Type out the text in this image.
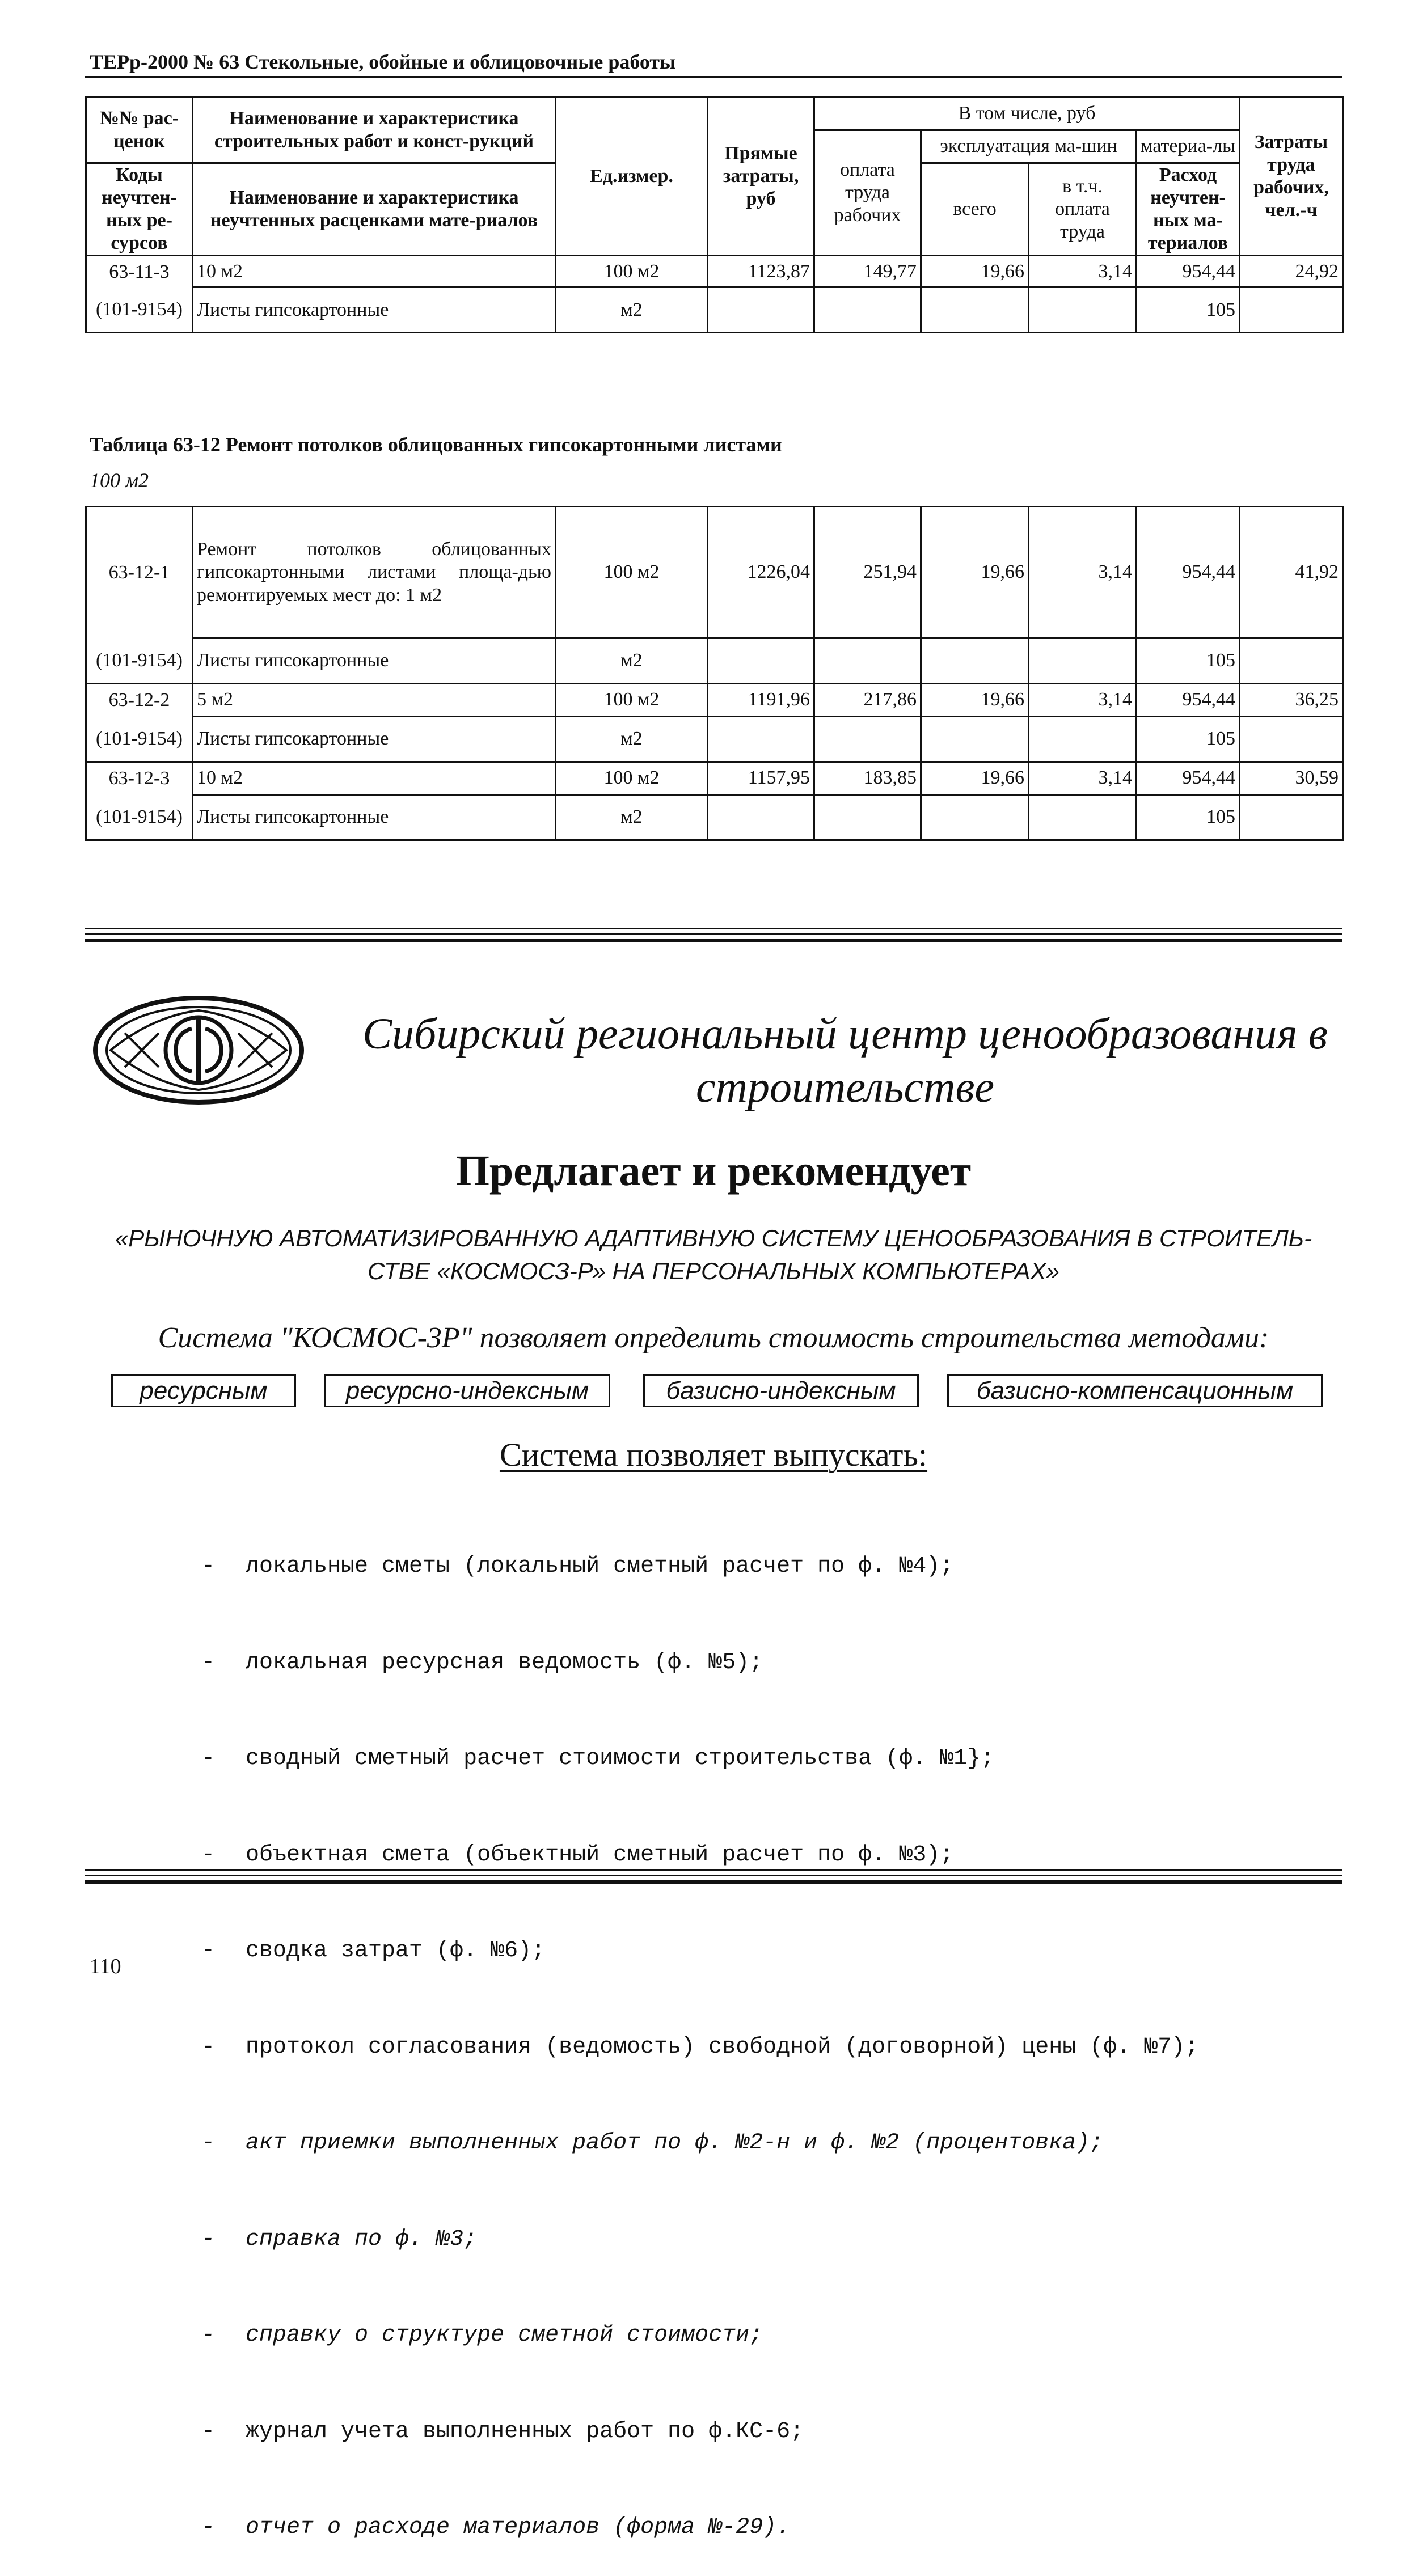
ТЕРр-2000 № 63 Стекольные, обойные и облицовочные работы
№№ рас-ценок	Наименование и характеристика строительных работ и конст-рукций	Ед.измер.	Прямые затраты, руб	В том числе, руб				Затраты труда рабочих, чел.-ч
				оплата труда рабочих	эксплуатация ма-шин		материа-лы	
					всего	в т.ч. оплата труда		
Коды неучтен-ных ре-сурсов	Наименование и характеристика неучтенных расценками мате-риалов						Расход неучтен-ных ма-териалов	

63-11-3	10 м2	100 м2	1123,87	149,77	19,66	3,14	954,44	24,92
(101-9154)	Листы гипсокартонные	м2					105	
Таблица 63-12 Ремонт потолков облицованных гипсокартонными листами
100 м2
63-12-1	Ремонт потолков облицованных гипсокартонными листами площа-дью ремонтируемых мест до: 1 м2	100 м2	1226,04	251,94	19,66	3,14	954,44	41,92
(101-9154)	Листы гипсокартонные	м2					105	
63-12-2	5 м2	100 м2	1191,96	217,86	19,66	3,14	954,44	36,25
(101-9154)	Листы гипсокартонные	м2					105	
63-12-3	10 м2	100 м2	1157,95	183,85	19,66	3,14	954,44	30,59
(101-9154)	Листы гипсокартонные	м2					105	
Сибирский региональный центр ценообразования в
строительстве
Предлагает и рекомендует
«РЫНОЧНУЮ АВТОМАТИЗИРОВАННУЮ АДАПТИВНУЮ СИСТЕМУ ЦЕНООБРАЗОВАНИЯ В СТРОИТЕЛЬ-
СТВЕ «КОСМОСЗ-Р» НА ПЕРСОНАЛЬНЫХ КОМПЬЮТЕРАХ»
Система "КОСМОС-3Р" позволяет определить стоимость строительства методами:
ресурсным	ресурсно-индексным	базисно-индексным	базисно-компенсационным
Система позволяет выпускать:

- локальные сметы (локальный сметный расчет по ф. №4);

- локальная ресурсная ведомость (ф. №5);

- сводный сметный расчет стоимости строительства (ф. №1};

- объектная смета (объектный сметный расчет по ф. №3);

- сводка затрат (ф. №6);

- протокол согласования (ведомость) свободной (договорной) цены (ф. №7);

- акт приемки выполненных работ по ф. №2-н и ф. №2 (процентовка);

- справка по ф. №3;

- справку о структуре сметной стоимости;

- журнал учета выполненных работ по ф.КС-6;

- отчет о расходе материалов (форма №-29).

110
